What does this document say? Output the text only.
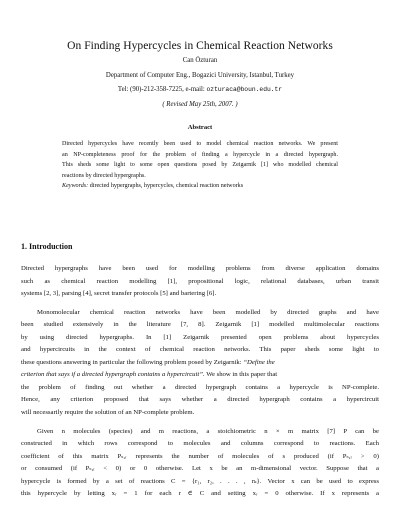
On Finding Hypercycles in Chemical Reaction Networks
Can Özturan
Department of Computer Eng., Bogazici University, Istanbul, Turkey
Tel: (90)-212-358-7225, e-mail: ozturaca@boun.edu.tr
( Revised May 25th, 2007. )
Abstract
Directed hypercycles have recently been used to model chemical reaction networks. We present
an NP-completeness proof for the problem of finding a hypercycle in a directed hypergraph.
This sheds some light to some open questions posed by Zeigarnik [1] who modelled chemical
reactions by directed hypergraphs.
Keywords: directed hypergraphs, hypercycles, chemical reaction networks
1. Introduction
Directed hypergraphs have been used for modelling problems from diverse application domains
such as chemical reaction modelling [1], propositional logic, relational databases, urban transit
systems [2, 3], parsing [4], secret transfer protocols [5] and bartering [6].
Monomolecular chemical reaction networks have been modelled by directed graphs and have
been studied extensively in the literature [7, 8]. Zeigarnik [1] modelled multimolecular reactions
by using directed hypergraphs. In [1] Zeigarnik presented open problems about hypercycles
and hypercircuits in the context of chemical reaction networks. This paper sheds some light to
these questions answering in particular the following problem posed by Zeigarnik: “Define the
criterion that says if a directed hypergraph contains a hypercircuit”. We show in this paper that
the problem of finding out whether a directed hypergraph contains a hypercycle is NP-complete.
Hence, any criterion proposed that says whether a directed hypergraph contains a hypercircuit
will necessarily require the solution of an NP-complete problem.
Given n molecules (species) and m reactions, a stoichiometric n × m matrix [7] P can be
constructed in which rows correspond to molecules and columns correspond to reactions. Each
coefficient of this matrix Pₛ,ᵣ represents the number of molecules of s produced (if Pₛ,ᵣ > 0)
or consumed (if Pₛ,ᵣ < 0) or 0 otherwise. Let x be an m-dimensional vector. Suppose that a
hypercycle is formed by a set of reactions C = {r₁, r₂, . . . , rₖ}. Vector x can be used to express
this hypercycle by letting xᵣ = 1 for each r ∈ C and setting xᵣ = 0 otherwise. If x represents a
